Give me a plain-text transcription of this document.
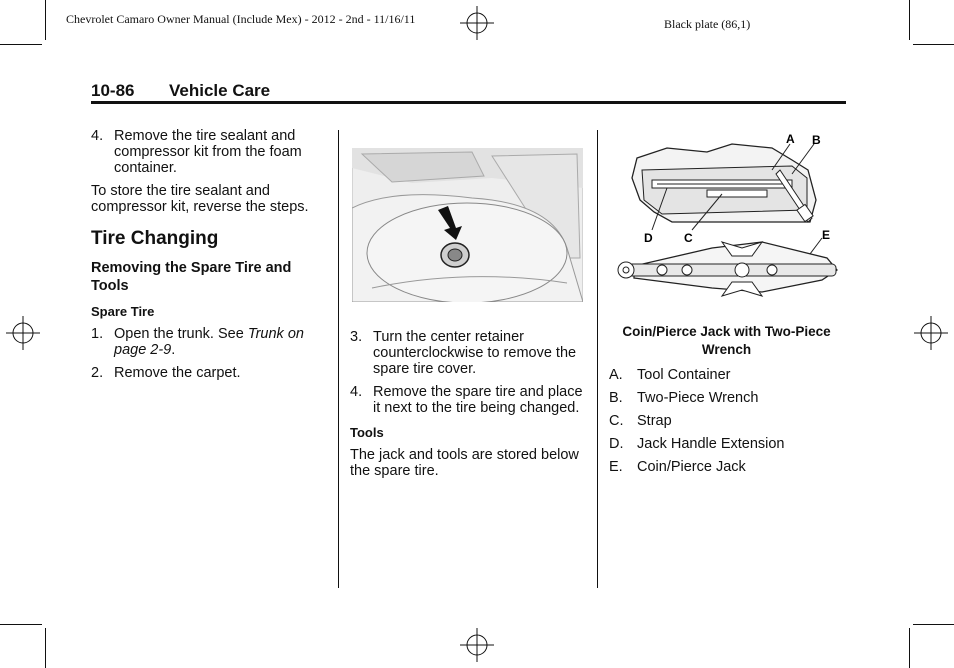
Chevrolet Camaro Owner Manual (Include Mex) - 2012 - 2nd - 11/16/11	Black plate (86,1)
10-86 Vehicle Care

4. Remove the tire sealant and compressor kit from the foam container.

To store the tire sealant and compressor kit, reverse the steps.

Tire Changing
Removing the Spare Tire and Tools
Spare Tire

1. Open the trunk. See Trunk on page 2-9.

2. Remove the carpet.

3. Turn the center retainer counterclockwise to remove the spare tire cover.

4. Remove the spare tire and place it next to the tire being changed.

Tools

The jack and tools are stored below the spare tire.

A B
D	C	E
Coin/Pierce Jack with Two-Piece Wrench
A. Tool Container
B. Two-Piece Wrench
C. Strap
D. Jack Handle Extension
E. Coin/Pierce Jack
